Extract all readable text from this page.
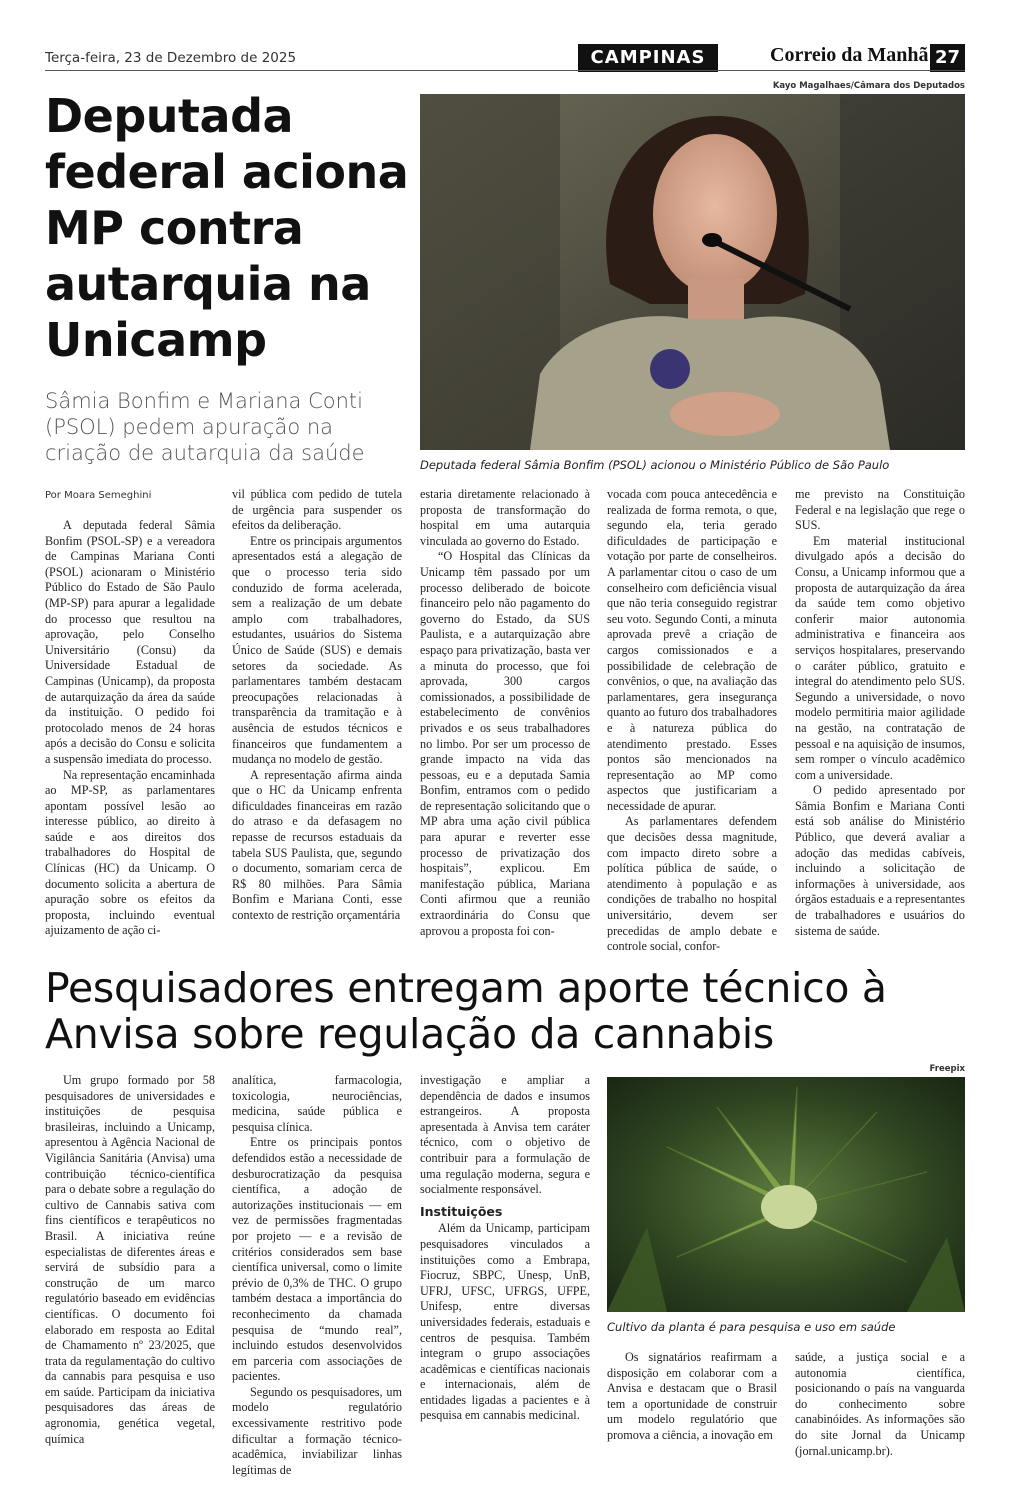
Terça-feira, 23 de Dezembro de 2025	CAMPINAS	Correio da Manhã 27
Deputada federal aciona MP contra autarquia na Unicamp
Sâmia Bonfim e Mariana Conti (PSOL) pedem apuração na criação de autarquia da saúde
Kayo Magalhaes/Câmara dos Deputados
Deputada federal Sâmia Bonfim (PSOL) acionou o Ministério Público de São Paulo
Por Moara Semeghini

A deputada federal Sâmia Bonfim (PSOL-SP) e a vereadora de Campinas Mariana Conti (PSOL) acionaram o Ministério Público do Estado de São Paulo (MP-SP) para apurar a legalidade do processo que resultou na aprovação, pelo Conselho Universitário (Consu) da Universidade Estadual de Campinas (Unicamp), da proposta de autarquização da área da saúde da instituição. O pedido foi protocolado menos de 24 horas após a decisão do Consu e solicita a suspensão imediata do processo.

Na representação encaminhada ao MP-SP, as parlamentares apontam possível lesão ao interesse público, ao direito à saúde e aos direitos dos trabalhadores do Hospital de Clínicas (HC) da Unicamp. O documento solicita a abertura de apuração sobre os efeitos da proposta, incluindo eventual ajuizamento de ação ci-

vil pública com pedido de tutela de urgência para suspender os efeitos da deliberação.

Entre os principais argumentos apresentados está a alegação de que o processo teria sido conduzido de forma acelerada, sem a realização de um debate amplo com trabalhadores, estudantes, usuários do Sistema Único de Saúde (SUS) e demais setores da sociedade. As parlamentares também destacam preocupações relacionadas à transparência da tramitação e à ausência de estudos técnicos e financeiros que fundamentem a mudança no modelo de gestão.

A representação afirma ainda que o HC da Unicamp enfrenta dificuldades financeiras em razão do atraso e da defasagem no repasse de recursos estaduais da tabela SUS Paulista, que, segundo o documento, somariam cerca de R$ 80 milhões. Para Sâmia Bonfim e Mariana Conti, esse contexto de restrição orçamentária

estaria diretamente relacionado à proposta de transformação do hospital em uma autarquia vinculada ao governo do Estado.

“O Hospital das Clínicas da Unicamp têm passado por um processo deliberado de boicote financeiro pelo não pagamento do governo do Estado, da SUS Paulista, e a autarquização abre espaço para privatização, basta ver a minuta do processo, que foi aprovada, 300 cargos comissionados, a possibilidade de estabelecimento de convênios privados e os seus trabalhadores no limbo. Por ser um processo de grande impacto na vida das pessoas, eu e a deputada Samia Bonfim, entramos com o pedido de representação solicitando que o MP abra uma ação civil pública para apurar e reverter esse processo de privatização dos hospitais”, explicou. Em manifestação pública, Mariana Conti afirmou que a reunião extraordinária do Consu que aprovou a proposta foi con-

vocada com pouca antecedência e realizada de forma remota, o que, segundo ela, teria gerado dificuldades de participação e votação por parte de conselheiros. A parlamentar citou o caso de um conselheiro com deficiência visual que não teria conseguido registrar seu voto. Segundo Conti, a minuta aprovada prevê a criação de cargos comissionados e a possibilidade de celebração de convênios, o que, na avaliação das parlamentares, gera insegurança quanto ao futuro dos trabalhadores e à natureza pública do atendimento prestado. Esses pontos são mencionados na representação ao MP como aspectos que justificariam a necessidade de apurar.

As parlamentares defendem que decisões dessa magnitude, com impacto direto sobre a política pública de saúde, o atendimento à população e as condições de trabalho no hospital universitário, devem ser precedidas de amplo debate e controle social, confor-

me previsto na Constituição Federal e na legislação que rege o SUS.

Em material institucional divulgado após a decisão do Consu, a Unicamp informou que a proposta de autarquização da área da saúde tem como objetivo conferir maior autonomia administrativa e financeira aos serviços hospitalares, preservando o caráter público, gratuito e integral do atendimento pelo SUS. Segundo a universidade, o novo modelo permitiria maior agilidade na gestão, na contratação de pessoal e na aquisição de insumos, sem romper o vínculo acadêmico com a universidade.

O pedido apresentado por Sâmia Bonfim e Mariana Conti está sob análise do Ministério Público, que deverá avaliar a adoção das medidas cabíveis, incluindo a solicitação de informações à universidade, aos órgãos estaduais e a representantes de trabalhadores e usuários do sistema de saúde.

Pesquisadores entregam aporte técnico à Anvisa sobre regulação da cannabis

Um grupo formado por 58 pesquisadores de universidades e instituições de pesquisa brasileiras, incluindo a Unicamp, apresentou à Agência Nacional de Vigilância Sanitária (Anvisa) uma contribuição técnico-científica para o debate sobre a regulação do cultivo de Cannabis sativa com fins científicos e terapêuticos no Brasil. A iniciativa reúne especialistas de diferentes áreas e servirá de subsídio para a construção de um marco regulatório baseado em evidências científicas. O documento foi elaborado em resposta ao Edital de Chamamento nº 23/2025, que trata da regulamentação do cultivo da cannabis para pesquisa e uso em saúde. Participam da iniciativa pesquisadores das áreas de agronomia, genética vegetal, química

analítica, farmacologia, toxicologia, neurociências, medicina, saúde pública e pesquisa clínica.

Entre os principais pontos defendidos estão a necessidade de desburocratização da pesquisa científica, a adoção de autorizações institucionais — em vez de permissões fragmentadas por projeto — e a revisão de critérios considerados sem base científica universal, como o limite prévio de 0,3% de THC. O grupo também destaca a importância do reconhecimento da chamada pesquisa de “mundo real”, incluindo estudos desenvolvidos em parceria com associações de pacientes.

Segundo os pesquisadores, um modelo regulatório excessivamente restritivo pode dificultar a formação técnico-acadêmica, inviabilizar linhas legítimas de

investigação e ampliar a dependência de dados e insumos estrangeiros. A proposta apresentada à Anvisa tem caráter técnico, com o objetivo de contribuir para a formulação de uma regulação moderna, segura e socialmente responsável.

Instituições

Além da Unicamp, participam pesquisadores vinculados a instituições como a Embrapa, Fiocruz, SBPC, Unesp, UnB, UFRJ, UFSC, UFRGS, UFPE, Unifesp, entre diversas universidades federais, estaduais e centros de pesquisa. Também integram o grupo associações acadêmicas e científicas nacionais e internacionais, além de entidades ligadas a pacientes e à pesquisa em cannabis medicinal.

Freepix
Cultivo da planta é para pesquisa e uso em saúde

Os signatários reafirmam a disposição em colaborar com a Anvisa e destacam que o Brasil tem a oportunidade de construir um modelo regulatório que promova a ciência, a inovação em

saúde, a justiça social e a autonomia científica, posicionando o país na vanguarda do conhecimento sobre canabinóides. As informações são do site Jornal da Unicamp (jornal.unicamp.br).
